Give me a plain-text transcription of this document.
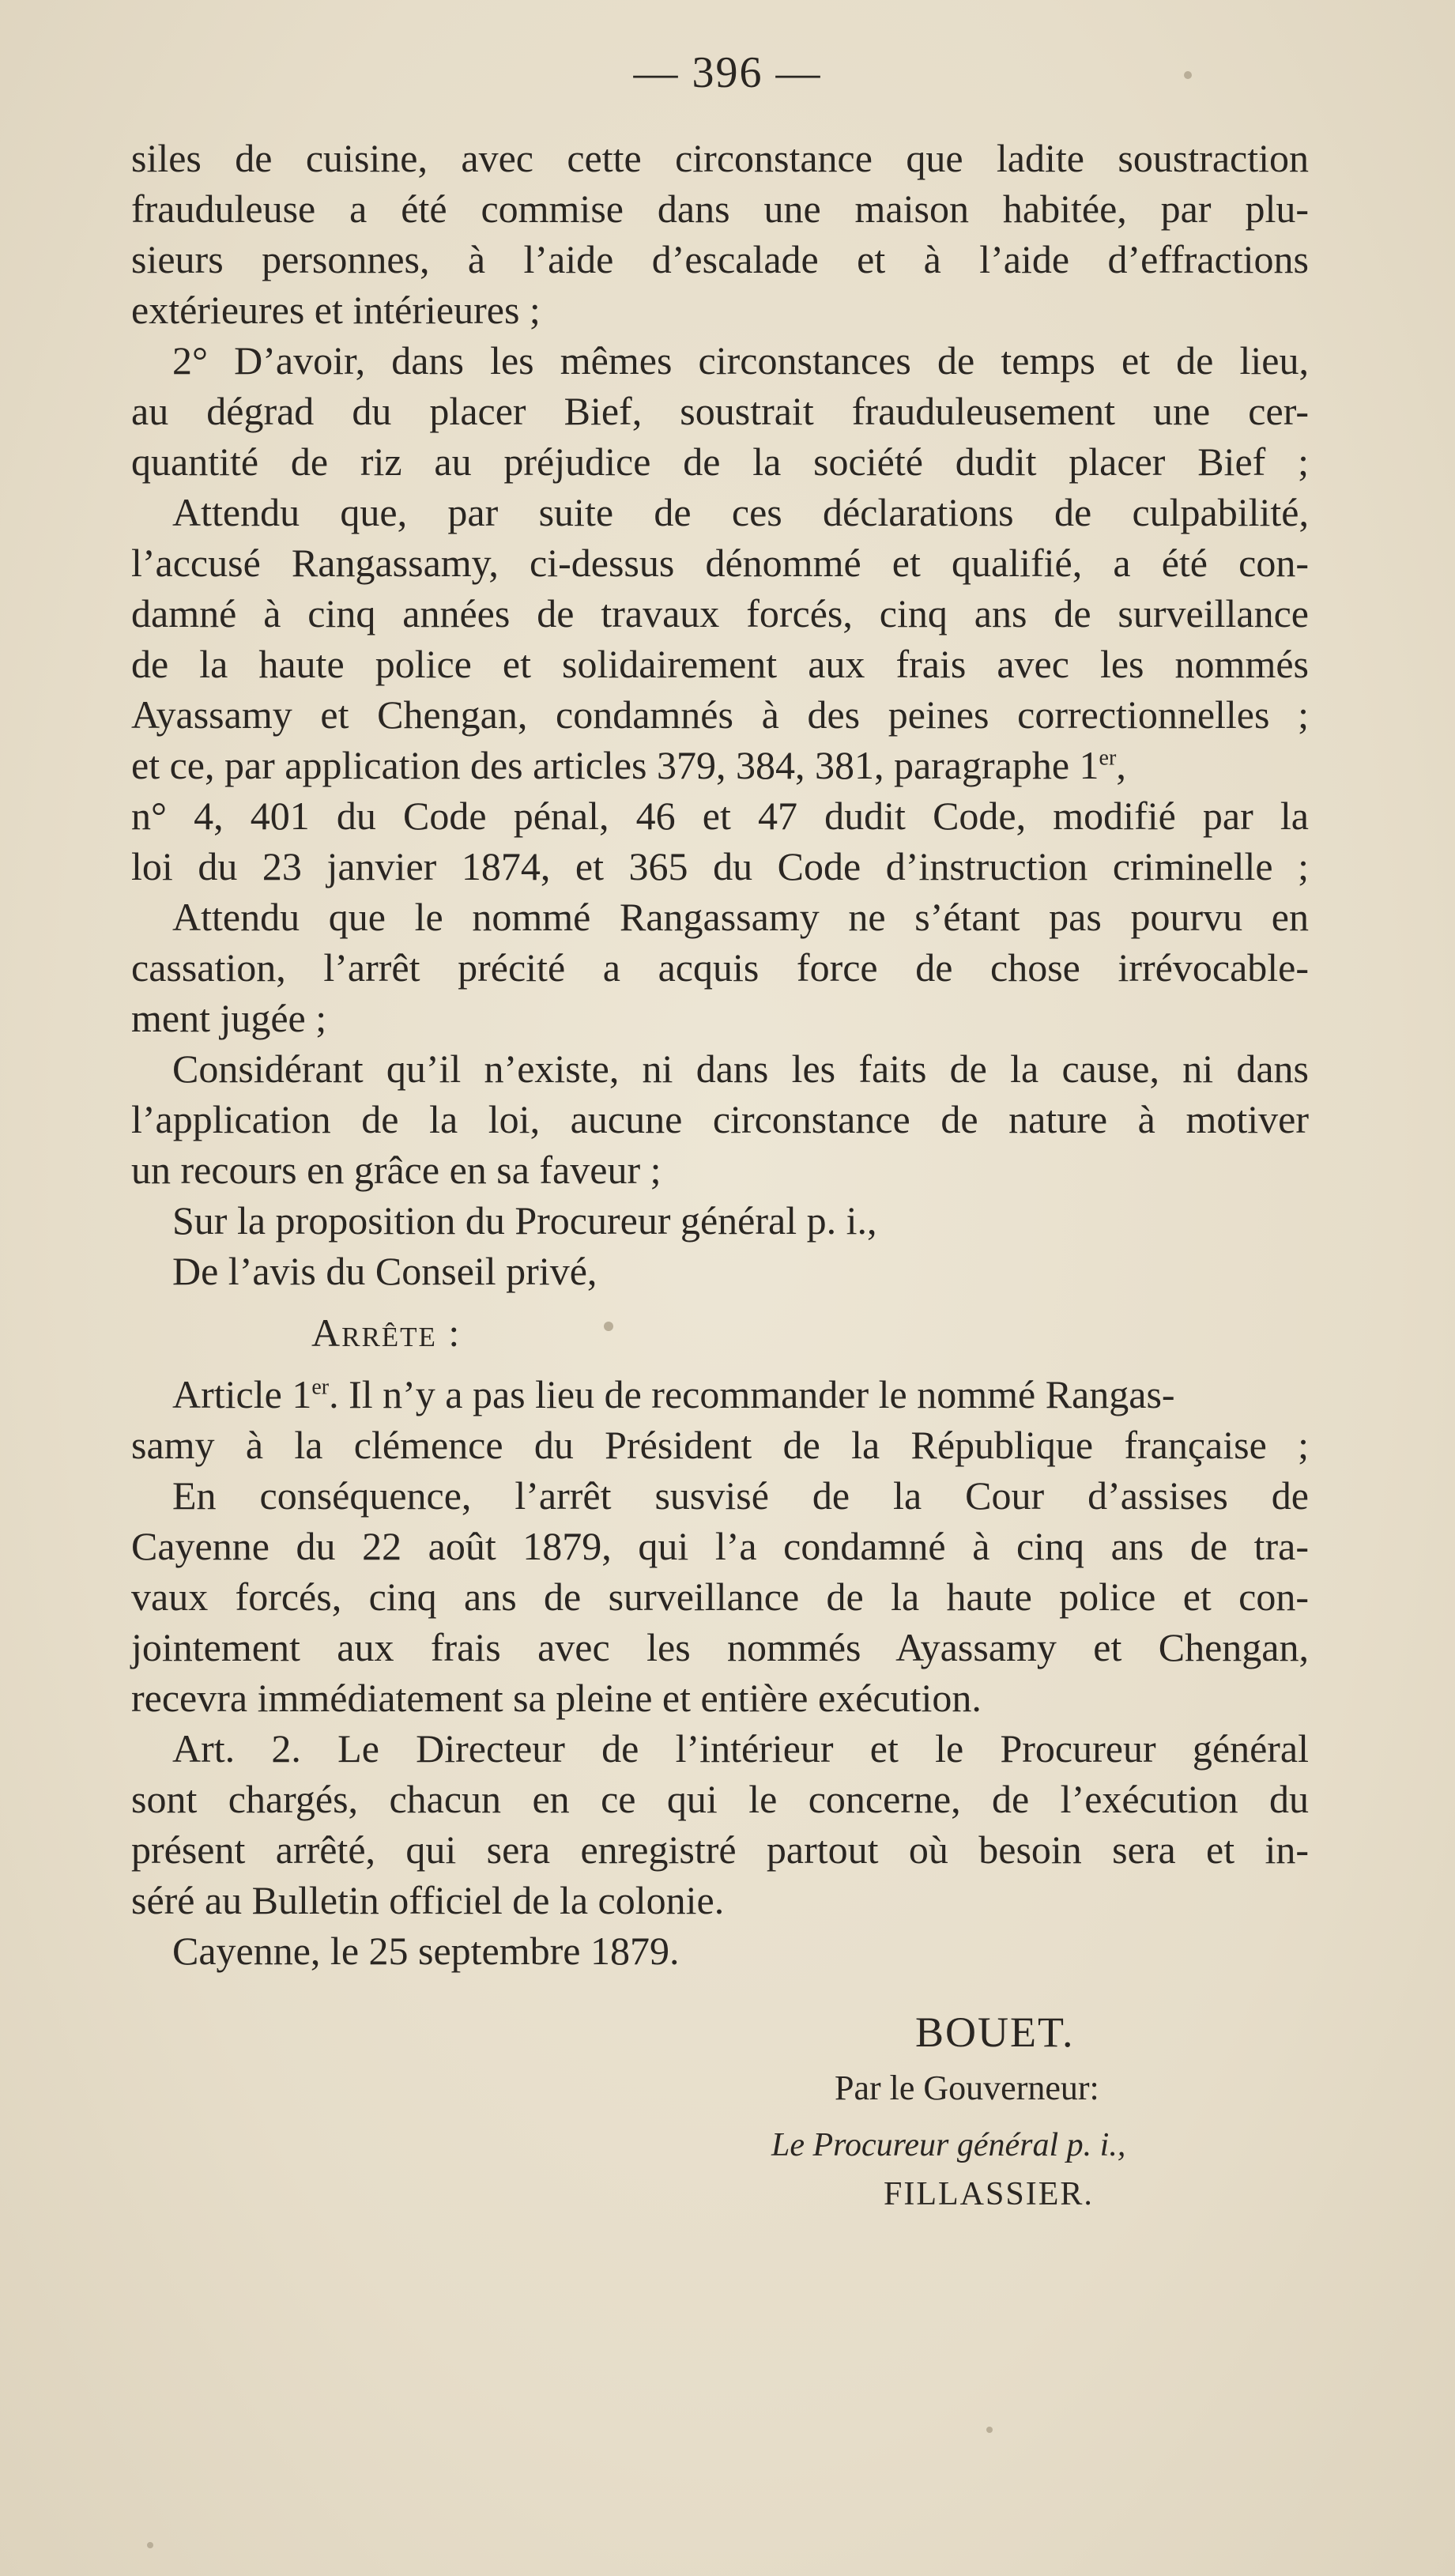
— 396 —
siles de cuisine, avec cette circonstance que ladite soustraction
frauduleuse a été commise dans une maison habitée, par plu-
sieurs personnes, à l’aide d’escalade et à l’aide d’effractions
extérieures et intérieures ;
2° D’avoir, dans les mêmes circonstances de temps et de lieu,
au dégrad du placer Bief, soustrait frauduleusement une cer-
quantité de riz au préjudice de la société dudit placer Bief ;
Attendu que, par suite de ces déclarations de culpabilité,
l’accusé Rangassamy, ci-dessus dénommé et qualifié, a été con-
damné à cinq années de travaux forcés, cinq ans de surveillance
de la haute police et solidairement aux frais avec les nommés
Ayassamy et Chengan, condamnés à des peines correctionnelles ;
et ce, par application des articles 379, 384, 381, paragraphe 1er,
n° 4, 401 du Code pénal, 46 et 47 dudit Code, modifié par la
loi du 23 janvier 1874, et 365 du Code d’instruction criminelle ;
Attendu que le nommé Rangassamy ne s’étant pas pourvu en
cassation, l’arrêt précité a acquis force de chose irrévocable-
ment jugée ;
Considérant qu’il n’existe, ni dans les faits de la cause, ni dans
l’application de la loi, aucune circonstance de nature à motiver
un recours en grâce en sa faveur ;
Sur la proposition du Procureur général p. i.,
De l’avis du Conseil privé,
Arrête :
Article 1er. Il n’y a pas lieu de recommander le nommé Rangas-
samy à la clémence du Président de la République française ;
En conséquence, l’arrêt susvisé de la Cour d’assises de
Cayenne du 22 août 1879, qui l’a condamné à cinq ans de tra-
vaux forcés, cinq ans de surveillance de la haute police et con-
jointement aux frais avec les nommés Ayassamy et Chengan,
recevra immédiatement sa pleine et entière exécution.
Art. 2. Le Directeur de l’intérieur et le Procureur général
sont chargés, chacun en ce qui le concerne, de l’exécution du
présent arrêté, qui sera enregistré partout où besoin sera et in-
séré au Bulletin officiel de la colonie.
Cayenne, le 25 septembre 1879.
BOUET.
Par le Gouverneur:
Le Procureur général p. i.,
FILLASSIER.
